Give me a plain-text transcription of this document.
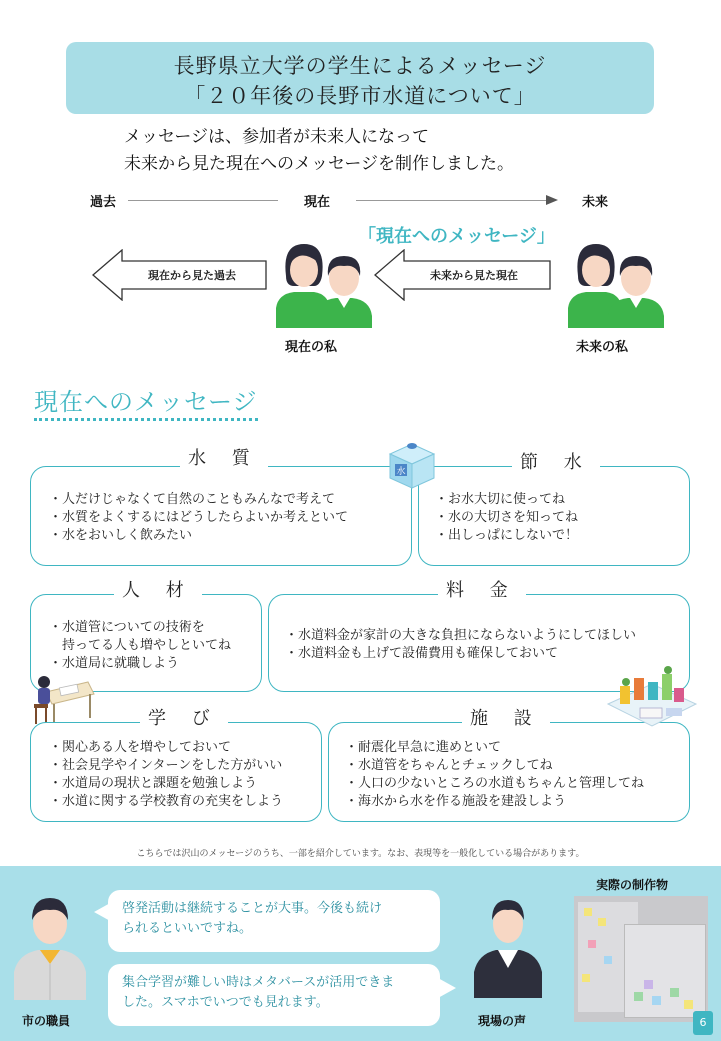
長野県立大学の学生によるメッセージ
「２０年後の長野市水道について」
メッセージは、参加者が未来人になって
未来から見た現在へのメッセージを制作しました。
過去	現在	未来
「現在へのメッセージ」
現在から見た過去	未来から見た現在
現在の私	未来の私
現在へのメッセージ
・人だけじゃなくて自然のこともみんなで考えて
・水質をよくするにはどうしたらよいか考えといて
・水をおいしく飲みたい
水 質
・お水大切に使ってね
・水の大切さを知ってね
・出しっぱにしないで！
節 水
水
・水道管についての技術を
　持ってる人も増やしといてね
・水道局に就職しよう
人 材
・水道料金が家計の大きな負担にならないようにしてほしい
・水道料金も上げて設備費用も確保しておいて
料 金
・関心ある人を増やしておいて
・社会見学やインターンをした方がいい
・水道局の現状と課題を勉強しよう
・水道に関する学校教育の充実をしよう
学 び
・耐震化早急に進めといて
・水道管をちゃんとチェックしてね
・人口の少ないところの水道もちゃんと管理してね
・海水から水を作る施設を建設しよう
施 設
こちらでは沢山のメッセージのうち、一部を紹介しています。なお、表現等を一般化している場合があります。
市の職員
啓発活動は継続することが大事。今後も続け
られるといいですね。
集合学習が難しい時はメタバースが活用できま
した。スマホでいつでも見れます。
現場の声
実際の制作物
6
